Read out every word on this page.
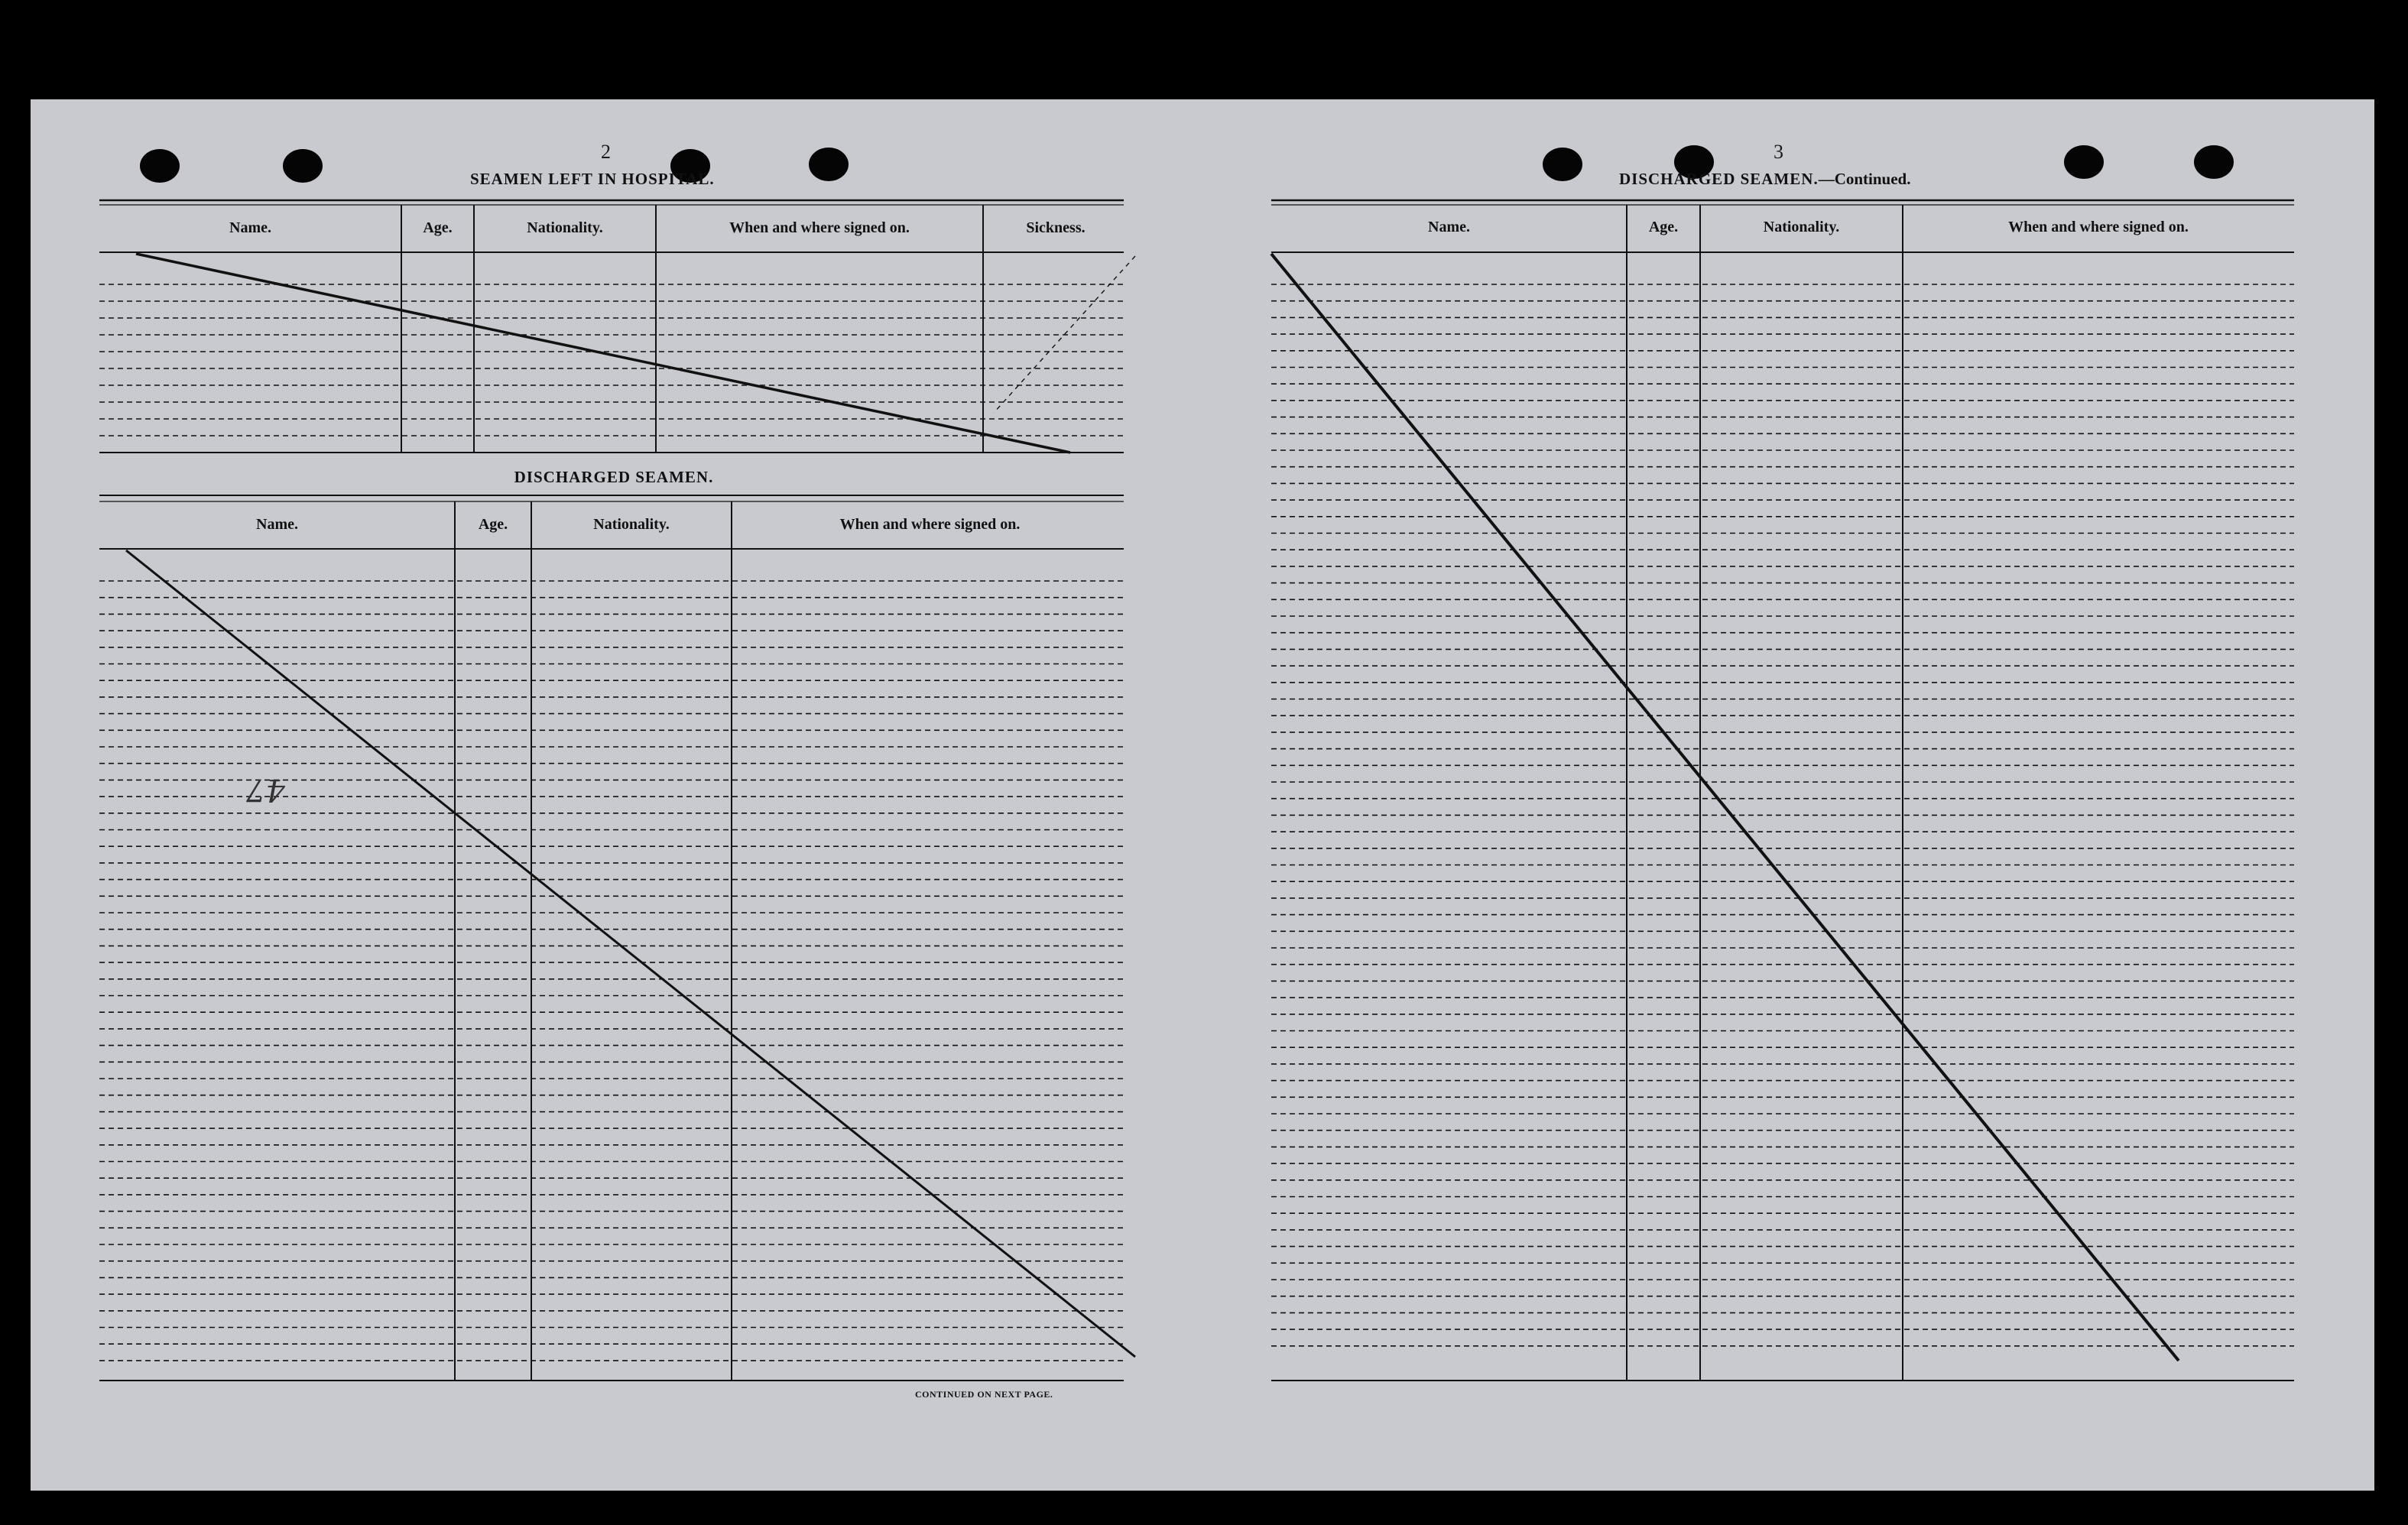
2
SEAMEN LEFT IN HOSPITAL.
Name.	Age.	Nationality.	When and where signed on.	Sickness.
DISCHARGED SEAMEN.
Name.	Age.	Nationality.	When and where signed on.
47
CONTINUED ON NEXT PAGE.
3
DISCHARGED SEAMEN.—Continued.
Name.	Age.	Nationality.	When and where signed on.
